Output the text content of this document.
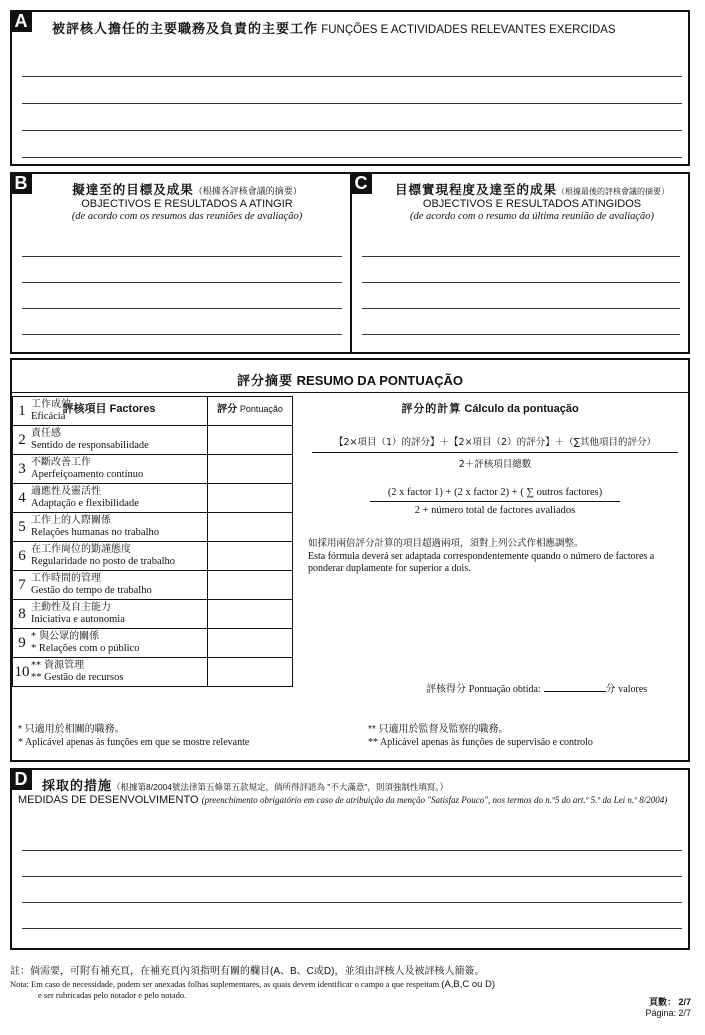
A	被評核人擔任的主要職務及負責的主要工作 FUNÇÕES E ACTIVIDADES RELEVANTES EXERCIDAS
B	擬達至的目標及成果（根據各評核會議的摘要）
OBJECTIVOS E RESULTADOS A ATINGIR
(de acordo com os resumos das reuniões de avaliação)
C	目標實現程度及達至的成果（根據最後的評核會議的摘要）
OBJECTIVOS E RESULTADOS ATINGIDOS
(de acordo com o resumo da última reunião de avaliação)
評分摘要 RESUMO DA PONTUAÇÃO
評核項目 Factores	評分 Pontuação	評分的計算 Cálculo da pontuação
1 工作成效
Eficácia	
2 責任感
Sentido de responsabilidade	
3 不斷改善工作
Aperfeiçoamento contínuo	
4 適應性及靈活性
Adaptação e flexibilidade	
5 工作上的人際關係
Relações humanas no trabalho	
6 在工作崗位的勤謹態度
Regularidade no posto de trabalho	
7 工作時間的管理
Gestão do tempo de trabalho	
8 主動性及自主能力
Iniciativa e autonomia	
9 * 與公眾的關係
* Relações com o público	
10 ** 資源管理
** Gestão de recursos	
【2×項目（1）的評分】＋【2×項目（2）的評分】＋（∑其他項目的評分）
2＋評核項目總數
(2 x factor 1) + (2 x factor 2) + ( ∑ outros factores)
2 + número total de factores avaliados
如採用兩倍評分計算的項目超過兩項，須對上列公式作相應調整。
Esta fórmula deverá ser adaptada correspondentemente quando o número de factores a ponderar duplamente for superior a dois.
評核得分 Pontuação obtida:	分 valores
* 只適用於相關的職務。
* Aplicável apenas às funções em que se mostre relevante
** 只適用於監督及監察的職務。
** Aplicável apenas às funções de supervisão e controlo
D	採取的措施（根據第8/2004號法律第五條第五款規定，倘所得評語為 "不大滿意"，則須強制性填寫。）
MEDIDAS DE DESENVOLVIMENTO (preenchimento obrigatório em caso de atribuição da menção "Satisfaz Pouco", nos termos do n.º5 do art.º 5.º da Lei n.º 8/2004)
註：倘需要，可附有補充頁，在補充頁內須指明有關的欄目(A、B、C或D)，並須由評核人及被評核人簡簽。
Nota: Em caso de necessidade, podem ser anexadas folhas suplementares, as quais devem identificar o campo a que respeitam (A,B,C ou D)
e ser rubricadas pelo notador e pelo notado.
頁數： 2/7
Página: 2/7
